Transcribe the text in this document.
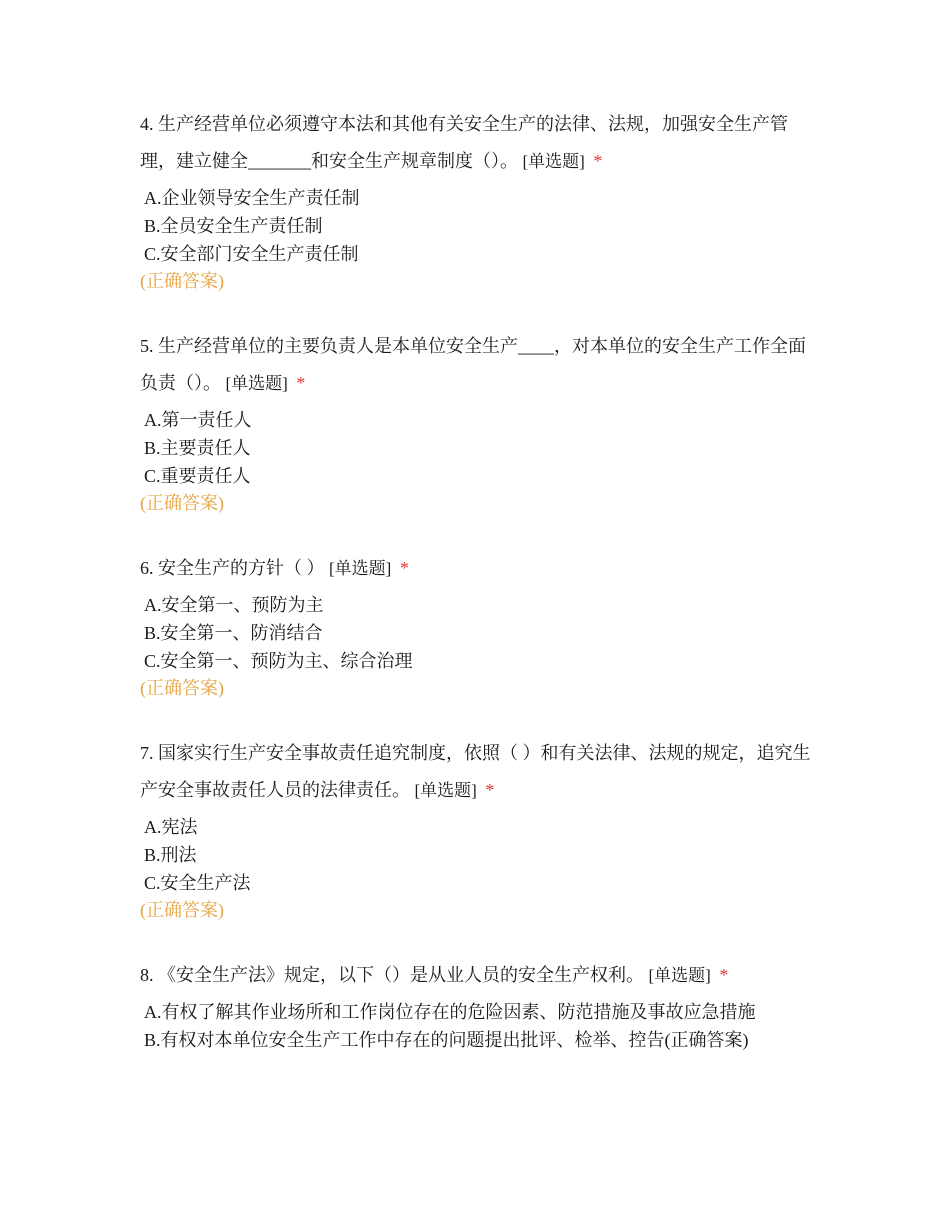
4. 生产经营单位必须遵守本法和其他有关安全生产的法律、法规，加强安全生产管理，建立健全_______和安全生产规章制度（）。 [单选题] *

A.企业领导安全生产责任制
B.全员安全生产责任制
C.安全部门安全生产责任制
(正确答案)

5. 生产经营单位的主要负责人是本单位安全生产____，对本单位的安全生产工作全面负责（）。 [单选题] *

A.第一责任人
B.主要责任人
C.重要责任人
(正确答案)

6. 安全生产的方针（ ） [单选题] *

A.安全第一、预防为主
B.安全第一、防消结合
C.安全第一、预防为主、综合治理
(正确答案)

7. 国家实行生产安全事故责任追究制度，依照（ ）和有关法律、法规的规定，追究生产安全事故责任人员的法律责任。 [单选题] *

A.宪法
B.刑法
C.安全生产法
(正确答案)

8. 《安全生产法》规定，以下（）是从业人员的安全生产权利。 [单选题] *

A.有权了解其作业场所和工作岗位存在的危险因素、防范措施及事故应急措施
B.有权对本单位安全生产工作中存在的问题提出批评、检举、控告(正确答案)
